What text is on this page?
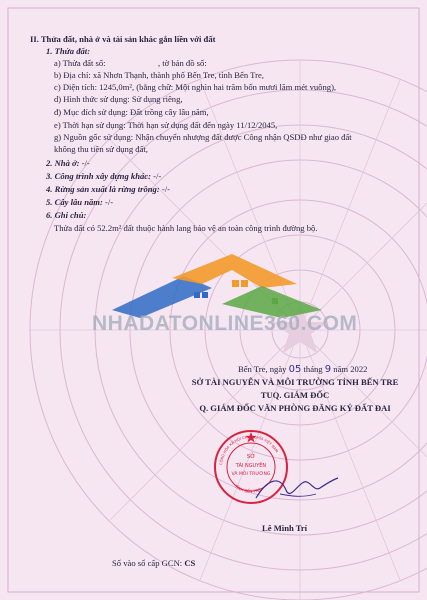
II. Thửa đất, nhà ở và tài sản khác gắn liền với đất
1. Thửa đất:
a) Thửa đất số:	, tờ bản đồ số:
b) Địa chỉ: xã Nhơn Thạnh, thành phố Bến Tre, tỉnh Bến Tre,
c) Diện tích: 1245,0m², (bằng chữ: Một nghìn hai trăm bốn mươi lăm mét vuông),
d) Hình thức sử dụng: Sử dụng riêng,
đ) Mục đích sử dụng: Đất trồng cây lâu năm,
e) Thời hạn sử dụng: Thời hạn sử dụng đất đến ngày 11/12/2045,
g) Nguồn gốc sử dụng: Nhận chuyển nhượng đất được Công nhận QSDĐ như giao đất
không thu tiền sử dụng đất,
2. Nhà ở: -/-
3. Công trình xây dựng khác: -/-
4. Rừng sản xuất là rừng trồng: -/-
5. Cây lâu năm: -/-
6. Ghi chú:
Thửa đất có 52.2m² đất thuộc hành lang bảo vệ an toàn công trình đường bộ.
NHADATONLINE360.COM
Bến Tre, ngày 05 tháng 9 năm 2022
SỞ TÀI NGUYÊN VÀ MÔI TRƯỜNG TỈNH BẾN TRE
TUQ. GIÁM ĐỐC
Q. GIÁM ĐỐC VĂN PHÒNG ĐĂNG KÝ ĐẤT ĐAI
SỞ
TÀI NGUYÊN
VÀ MÔI TRƯỜNG
CỘNG HÒA XÃ HỘI CHỦ NGHĨA VIỆT NAM
TỈNH BẾN TRE
Lê Minh Trí
Số vào sổ cấp GCN: CS
